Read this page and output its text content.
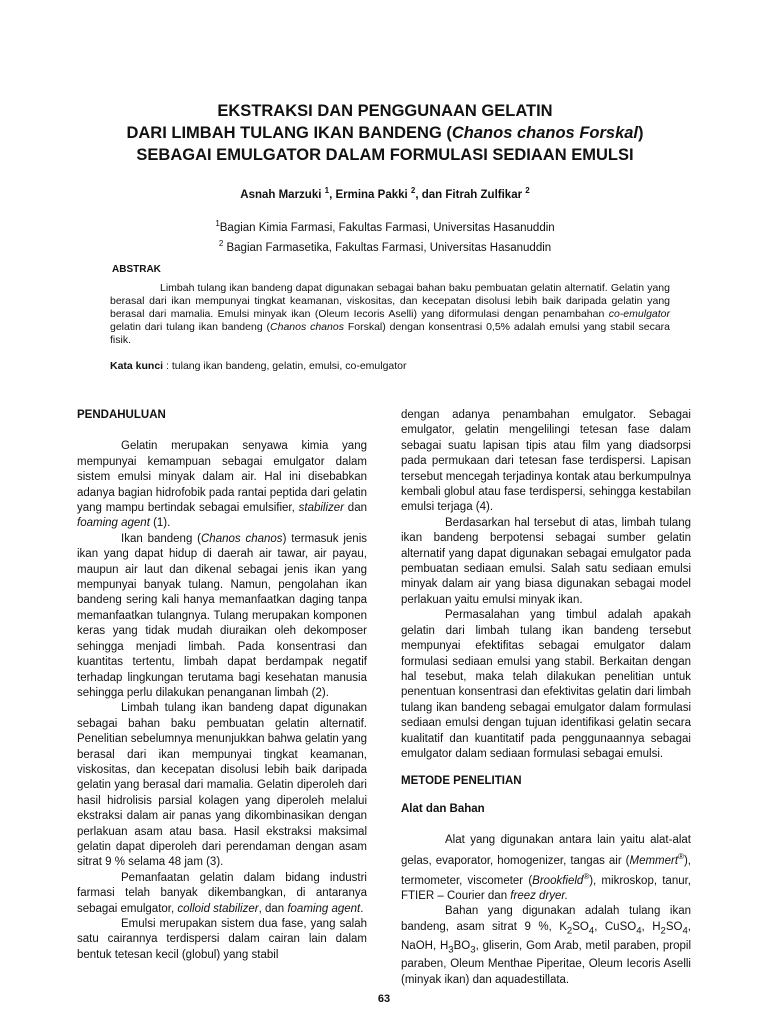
EKSTRAKSI DAN PENGGUNAAN GELATIN
DARI LIMBAH TULANG IKAN BANDENG (Chanos chanos Forskal)
SEBAGAI EMULGATOR DALAM FORMULASI SEDIAAN EMULSI
Asnah Marzuki $^1$, Ermina Pakki $^2$, dan Fitrah Zulfikar $^2$
$^1$Bagian Kimia Farmasi, Fakultas Farmasi, Universitas Hasanuddin
$^2$ Bagian Farmasetika, Fakultas Farmasi, Universitas Hasanuddin
ABSTRAK
Limbah tulang ikan bandeng dapat digunakan sebagai bahan baku pembuatan gelatin alternatif. Gelatin yang berasal dari ikan mempunyai tingkat keamanan, viskositas, dan kecepatan disolusi lebih baik daripada gelatin yang berasal dari mamalia. Emulsi minyak ikan (Oleum Iecoris Aselli) yang diformulasi dengan penambahan co-emulgator gelatin dari tulang ikan bandeng (Chanos chanos Forskal) dengan konsentrasi 0,5% adalah emulsi yang stabil secara fisik.
Kata kunci : tulang ikan bandeng, gelatin, emulsi, co-emulgator

PENDAHULUAN

Gelatin merupakan senyawa kimia yang mempunyai kemampuan sebagai emulgator dalam sistem emulsi minyak dalam air. Hal ini disebabkan adanya bagian hidrofobik pada rantai peptida dari gelatin yang mampu bertindak sebagai emulsifier, stabilizer dan foaming agent (1).

Ikan bandeng (Chanos chanos) termasuk jenis ikan yang dapat hidup di daerah air tawar, air payau, maupun air laut dan dikenal sebagai jenis ikan yang mempunyai banyak tulang. Namun, pengolahan ikan bandeng sering kali hanya memanfaatkan daging tanpa memanfaatkan tulangnya. Tulang merupakan komponen keras yang tidak mudah diuraikan oleh dekomposer sehingga menjadi limbah. Pada konsentrasi dan kuantitas tertentu, limbah dapat berdampak negatif terhadap lingkungan terutama bagi kesehatan manusia sehingga perlu dilakukan penanganan limbah (2).

Limbah tulang ikan bandeng dapat digunakan sebagai bahan baku pembuatan gelatin alternatif. Penelitian sebelumnya menunjukkan bahwa gelatin yang berasal dari ikan mempunyai tingkat keamanan, viskositas, dan kecepatan disolusi lebih baik daripada gelatin yang berasal dari mamalia. Gelatin diperoleh dari hasil hidrolisis parsial kolagen yang diperoleh melalui ekstraksi dalam air panas yang dikombinasikan dengan perlakuan asam atau basa. Hasil ekstraksi maksimal gelatin dapat diperoleh dari perendaman dengan asam sitrat 9 % selama 48 jam (3).

Pemanfaatan gelatin dalam bidang industri farmasi telah banyak dikembangkan, di antaranya sebagai emulgator, colloid stabilizer, dan foaming agent.

Emulsi merupakan sistem dua fase, yang salah satu cairannya terdispersi dalam cairan lain dalam bentuk tetesan kecil (globul) yang stabil

dengan adanya penambahan emulgator. Sebagai emulgator, gelatin mengelilingi tetesan fase dalam sebagai suatu lapisan tipis atau film yang diadsorpsi pada permukaan dari tetesan fase terdispersi. Lapisan tersebut mencegah terjadinya kontak atau berkumpulnya kembali globul atau fase terdispersi, sehingga kestabilan emulsi terjaga (4).

Berdasarkan hal tersebut di atas, limbah tulang ikan bandeng berpotensi sebagai sumber gelatin alternatif yang dapat digunakan sebagai emulgator pada pembuatan sediaan emulsi. Salah satu sediaan emulsi minyak dalam air yang biasa digunakan sebagai model perlakuan yaitu emulsi minyak ikan.

Permasalahan yang timbul adalah apakah gelatin dari limbah tulang ikan bandeng tersebut mempunyai efektifitas sebagai emulgator dalam formulasi sediaan emulsi yang stabil. Berkaitan dengan hal tesebut, maka telah dilakukan penelitian untuk penentuan konsentrasi dan efektivitas gelatin dari limbah tulang ikan bandeng sebagai emulgator dalam formulasi sediaan emulsi dengan tujuan identifikasi gelatin secara kualitatif dan kuantitatif pada penggunaannya sebagai emulgator dalam sediaan formulasi sebagai emulsi.

METODE PENELITIAN

Alat dan Bahan

Alat yang digunakan antara lain yaitu alat-alat gelas, evaporator, homogenizer, tangas air (Memmert®), termometer, viscometer (Brookfield®), mikroskop, tanur, FTIER – Courier dan freez dryer.

Bahan yang digunakan adalah tulang ikan bandeng, asam sitrat 9 %, $K_2SO_4$, CuSO$_4$, $H_2SO_4$, NaOH, $H_3BO_3$, gliserin, Gom Arab, metil paraben, propil paraben, Oleum Menthae Piperitae, Oleum Iecoris Aselli (minyak ikan) dan aquadestillata.

63
